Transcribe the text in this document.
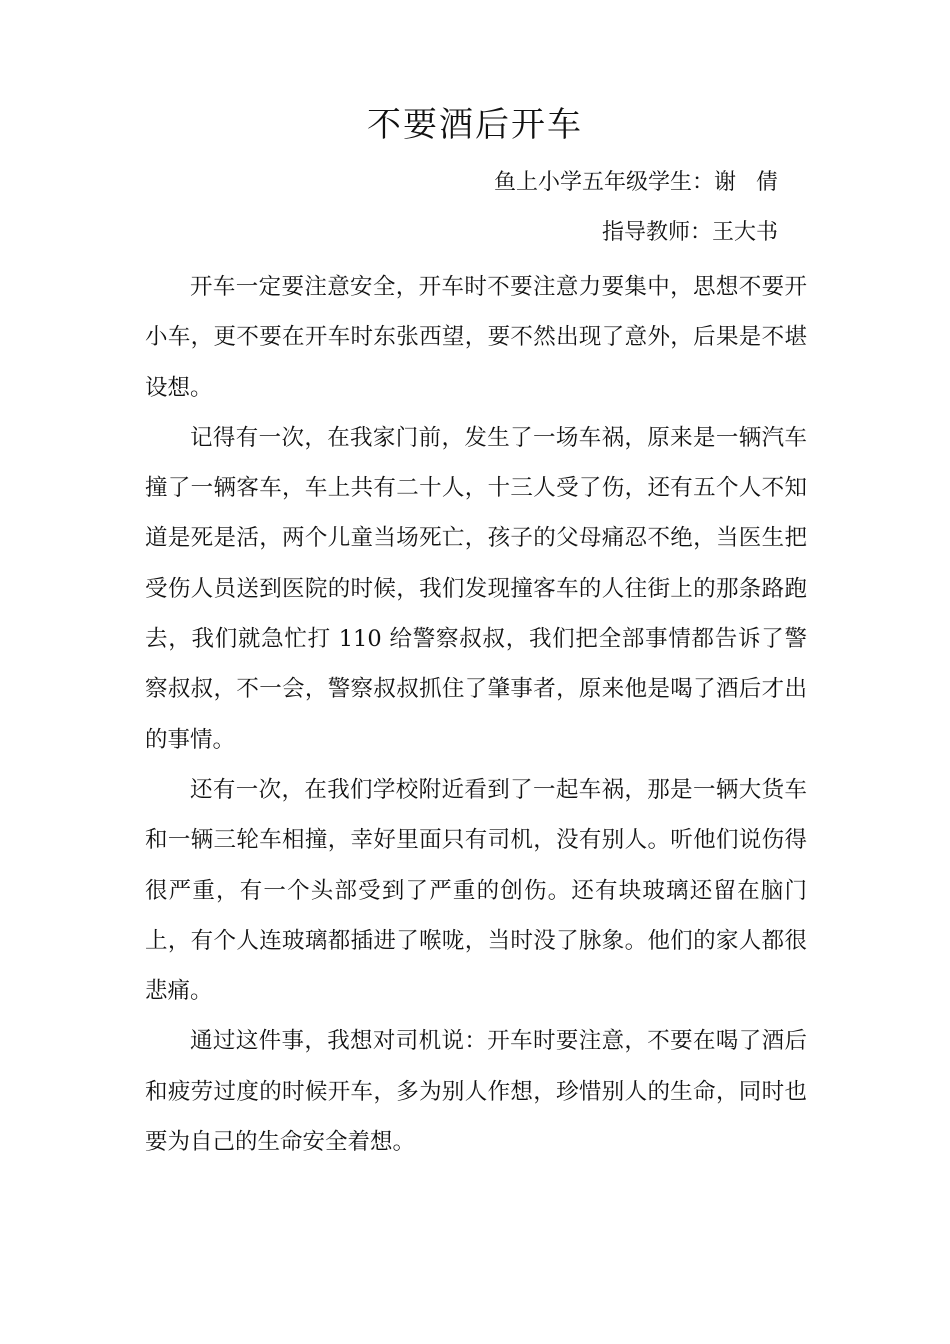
不要酒后开车
鱼上小学五年级学生：谢 倩
指导教师：王大书

开车一定要注意安全，开车时不要注意力要集中，思想不要开小车，更不要在开车时东张西望，要不然出现了意外，后果是不堪设想。

记得有一次，在我家门前，发生了一场车祸，原来是一辆汽车撞了一辆客车，车上共有二十人，十三人受了伤，还有五个人不知道是死是活，两个儿童当场死亡，孩子的父母痛忍不绝，当医生把受伤人员送到医院的时候，我们发现撞客车的人往街上的那条路跑去，我们就急忙打 110 给警察叔叔，我们把全部事情都告诉了警察叔叔，不一会，警察叔叔抓住了肇事者，原来他是喝了酒后才出的事情。

还有一次，在我们学校附近看到了一起车祸，那是一辆大货车和一辆三轮车相撞，幸好里面只有司机，没有别人。听他们说伤得很严重，有一个头部受到了严重的创伤。还有块玻璃还留在脑门上，有个人连玻璃都插进了喉咙，当时没了脉象。他们的家人都很悲痛。

通过这件事，我想对司机说：开车时要注意，不要在喝了酒后和疲劳过度的时候开车，多为别人作想，珍惜别人的生命，同时也要为自己的生命安全着想。
